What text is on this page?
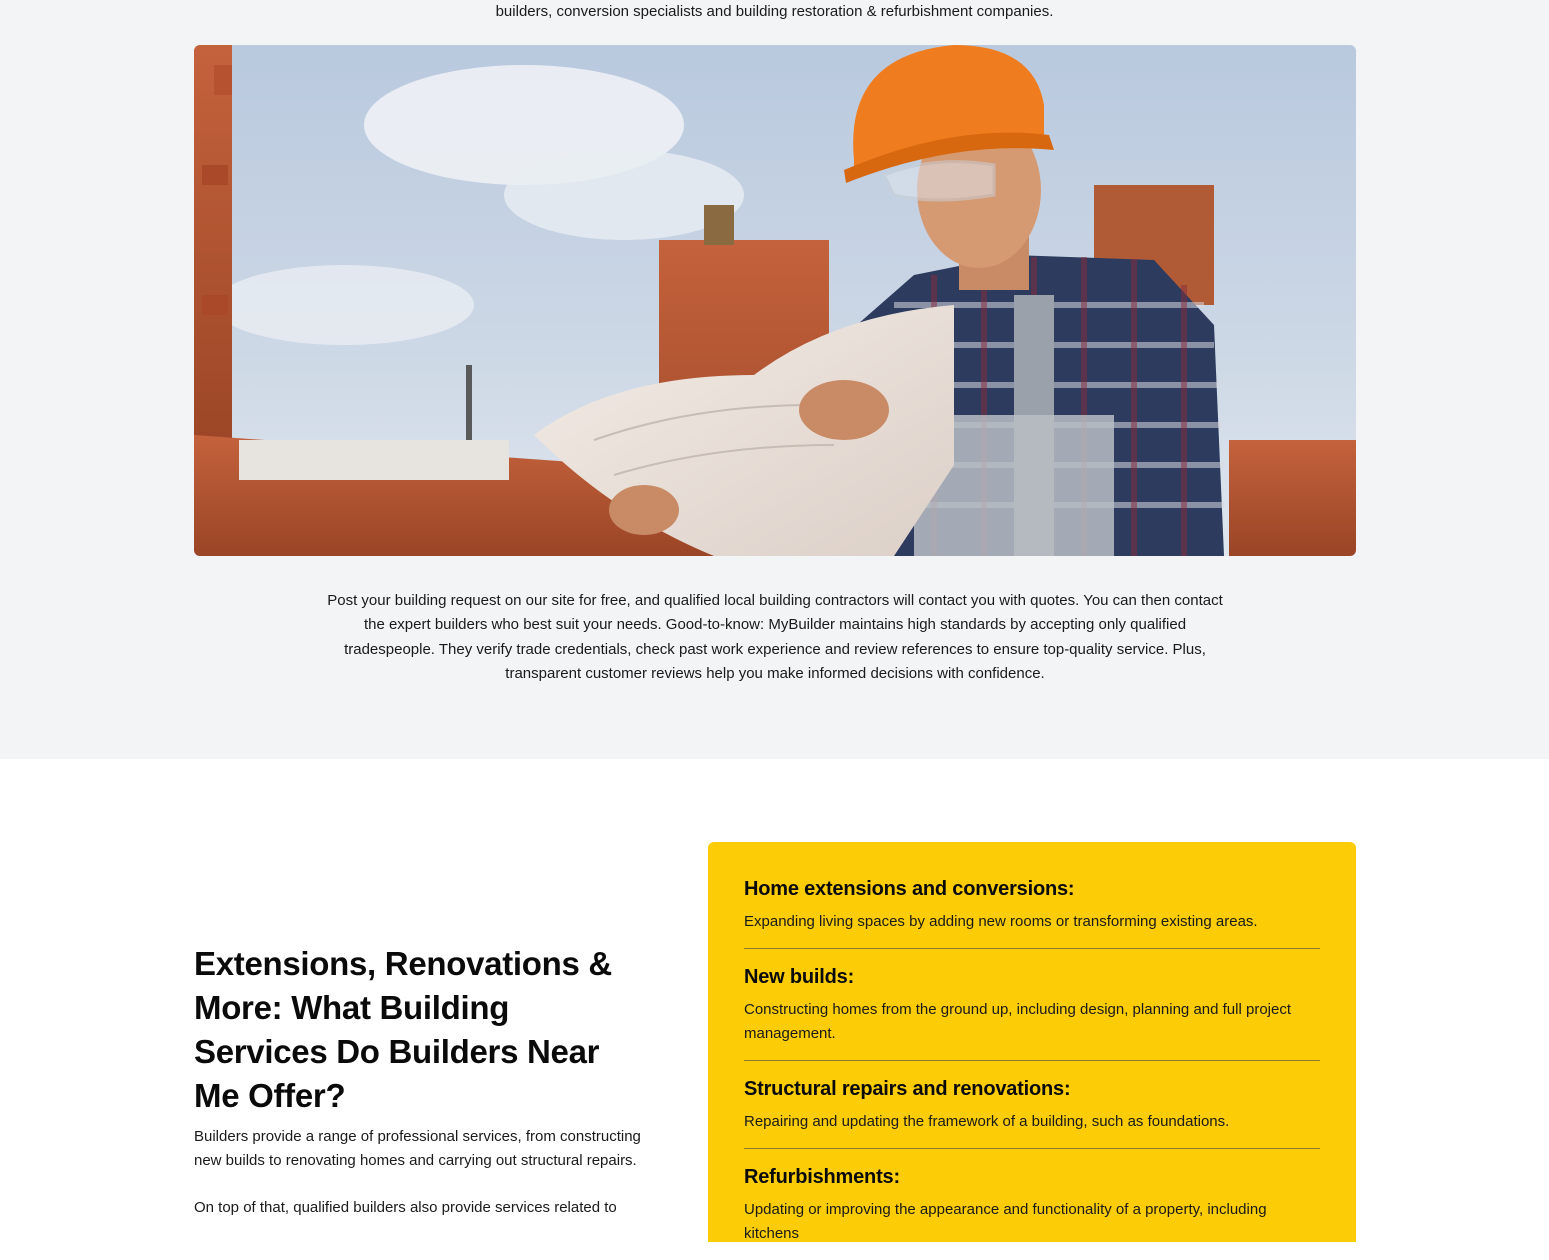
builders, conversion specialists and building restoration & refurbishment companies.

Post your building request on our site for free, and qualified local building contractors will contact you with quotes. You can then contact the expert builders who best suit your needs. Good-to-know: MyBuilder maintains high standards by accepting only qualified tradespeople. They verify trade credentials, check past work experience and review references to ensure top-quality service. Plus, transparent customer reviews help you make informed decisions with confidence.

Extensions, Renovations & More: What Building Services Do Builders Near Me Offer?

Builders provide a range of professional services, from constructing new builds to renovating homes and carrying out structural repairs.

On top of that, qualified builders also provide services related to

Home extensions and conversions:

Expanding living spaces by adding new rooms or transforming existing areas.

New builds:

Constructing homes from the ground up, including design, planning and full project management.

Structural repairs and renovations:

Repairing and updating the framework of a building, such as foundations.

Refurbishments:

Updating or improving the appearance and functionality of a property, including kitchens
